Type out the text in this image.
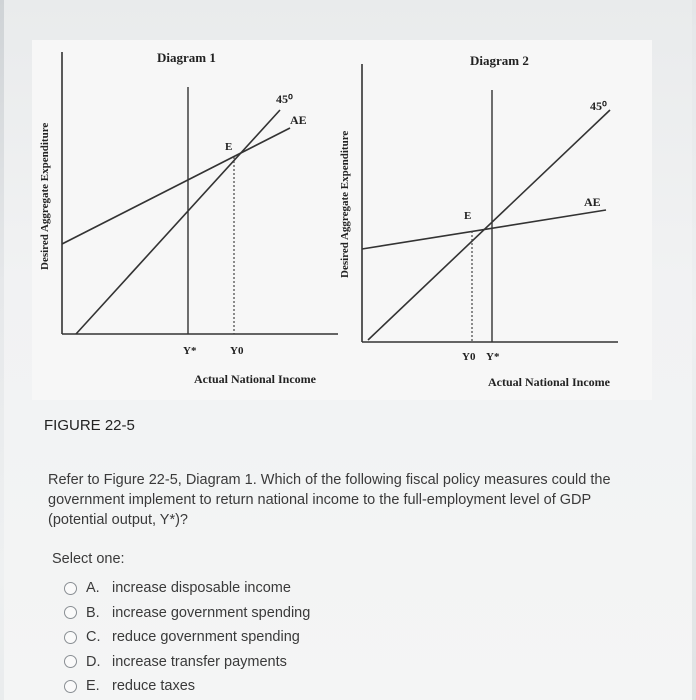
Diagram 1
45⁰
AE
E
Y*	Y0
Actual National Income
Desired Aggregate Expenditure
Diagram 2
45⁰
AE
E
Y0 Y*
Actual National Income
Desired Aggregate Expenditure
FIGURE 22-5
Refer to Figure 22-5, Diagram 1. Which of the following fiscal policy measures could the government implement to return national income to the full-employment level of GDP (potential output, Y*)?
Select one:
A. increase disposable income
B. increase government spending
C. reduce government spending
D. increase transfer payments
E. reduce taxes
